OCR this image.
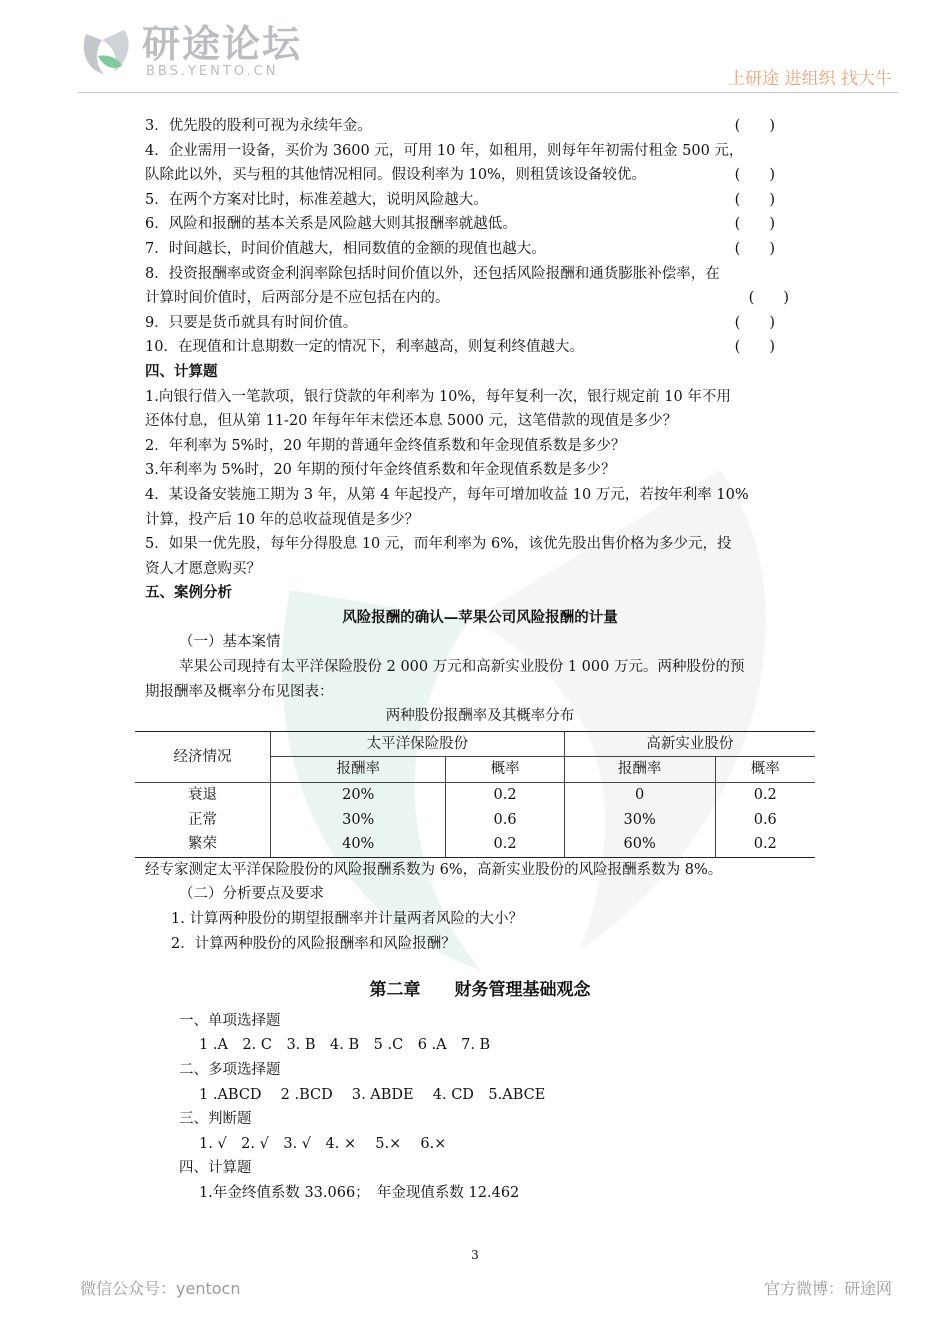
研途论坛
BBS.YENTO.CN	上研途 进组织 找大牛
3．优先股的股利可视为永续年金。	(　　)
4．企业需用一设备，买价为 3600 元，可用 10 年，如租用，则每年年初需付租金 500 元，
队除此以外，买与租的其他情况相同。假设利率为 10%，则租赁该设备较优。	(　　)
5．在两个方案对比时，标准差越大，说明风险越大。	(　　)
6．风险和报酬的基本关系是风险越大则其报酬率就越低。	(　　)
7．时间越长，时间价值越大，相同数值的金额的现值也越大。	(　　)
8．投资报酬率或资金利润率除包括时间价值以外，还包括风险报酬和通货膨胀补偿率，在
计算时间价值时，后两部分是不应包括在内的。	(　　)
9．只要是货币就具有时间价值。	(　　)
10．在现值和计息期数一定的情况下，利率越高，则复利终值越大。	(　　)

四、计算题

1.向银行借入一笔款项，银行贷款的年利率为 10%，每年复利一次，银行规定前 10 年不用

还体付息，但从第 11-20 年每年年末偿还本息 5000 元，这笔借款的现值是多少？

2．年利率为 5%时，20 年期的普通年金终值系数和年金现值系数是多少？

3.年利率为 5%时，20 年期的预付年金终值系数和年金现值系数是多少？

4．某设备安装施工期为 3 年，从第 4 年起投产，每年可增加收益 10 万元，若按年利率 10%

计算，投产后 10 年的总收益现值是多少？

5．如果一优先股，每年分得股息 10 元，而年利率为 6%，该优先股出售价格为多少元，投

资人才愿意购买？

五、案例分析

风险报酬的确认—苹果公司风险报酬的计量

（一）基本案情

苹果公司现持有太平洋保险股份 2 000 万元和高新实业股份 1 000 万元。两种股份的预

期报酬率及概率分布见图表：

两种股份报酬率及其概率分布

经济情况	太平洋保险股份		高新实业股份	
	报酬率	概率	报酬率	概率
衰退	20%	0.2	0	0.2
正常	30%	0.6	30%	0.6
繁荣	40%	0.2	60%	0.2

经专家测定太平洋保险股份的风险报酬系数为 6%，高新实业股份的风险报酬系数为 8%。

（二）分析要点及要求

1. 计算两种股份的期望报酬率并计量两者风险的大小？

2．计算两种股份的风险报酬率和风险报酬？

第二章　　财务管理基础观念

一、单项选择题

1 .A　2. C　3. B　4. B　5 .C　6 .A　7. B

二、多项选择题

1 .ABCD　 2 .BCD　 3. ABDE　 4. CD　5.ABCE

三、判断题

1. √　2. √　3. √　4. ×　 5.×　 6.×

四、计算题

1.年金终值系数 33.066；　年金现值系数 12.462

3
微信公众号：yentocn	官方微博：研途网
